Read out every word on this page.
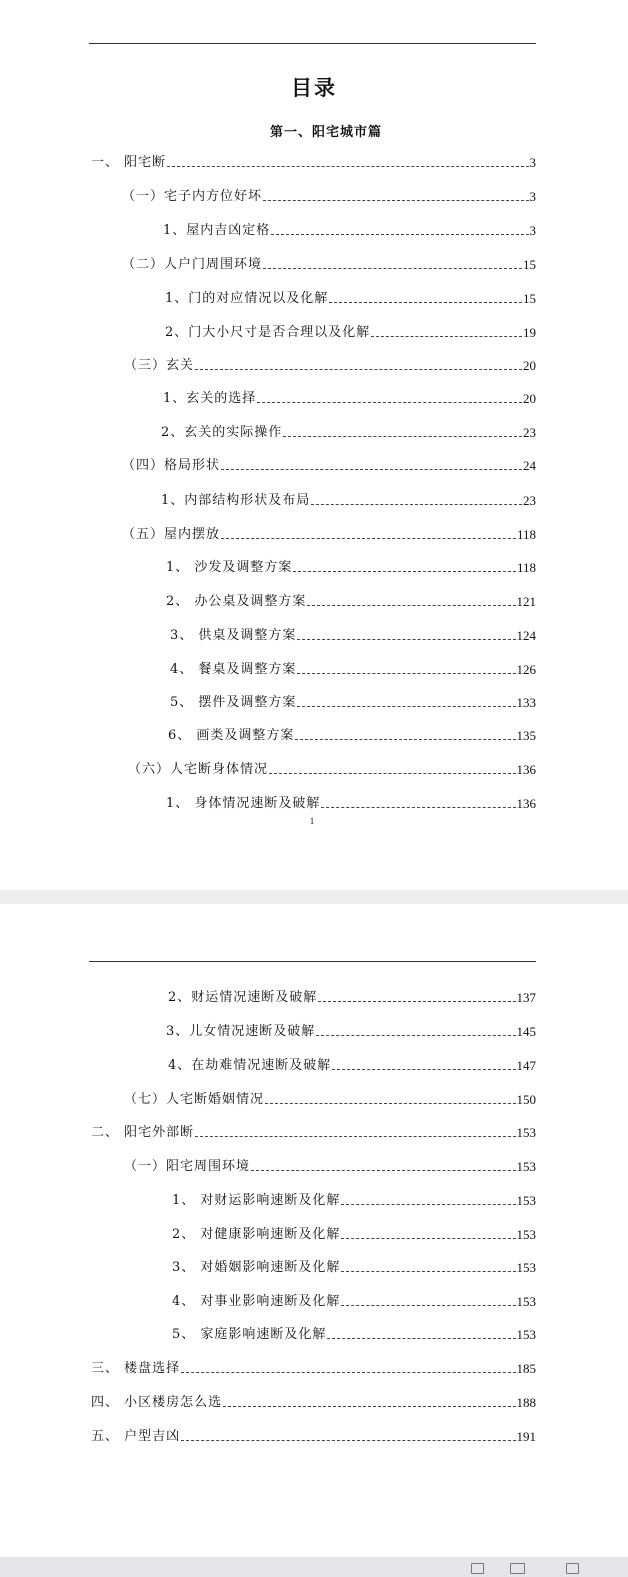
目录
第一、阳宅城市篇
一、 阳宅断	3
（一）宅子内方位好坏	3
1、屋内吉凶定格	3
（二）人户门周围环境	15
1、门的对应情况以及化解	15
2、门大小尺寸是否合理以及化解	19
（三）玄关	20
1、玄关的选择	20
2、玄关的实际操作	23
（四）格局形状	24
1、内部结构形状及布局	23
（五）屋内摆放	118
1、 沙发及调整方案	118
2、 办公桌及调整方案	121
3、 供桌及调整方案	124
4、 餐桌及调整方案	126
5、 摆件及调整方案	133
6、 画类及调整方案	135
（六）人宅断身体情况	136
1、 身体情况速断及破解	136
1
2、财运情况速断及破解	137
3、儿女情况速断及破解	145
4、在劫难情况速断及破解	147
（七）人宅断婚姻情况	150
二、 阳宅外部断	153
（一）阳宅周围环境	153
1、 对财运影响速断及化解	153
2、 对健康影响速断及化解	153
3、 对婚姻影响速断及化解	153
4、 对事业影响速断及化解	153
5、 家庭影响速断及化解	153
三、 楼盘选择	185
四、 小区楼房怎么选	188
五、 户型吉凶	191
